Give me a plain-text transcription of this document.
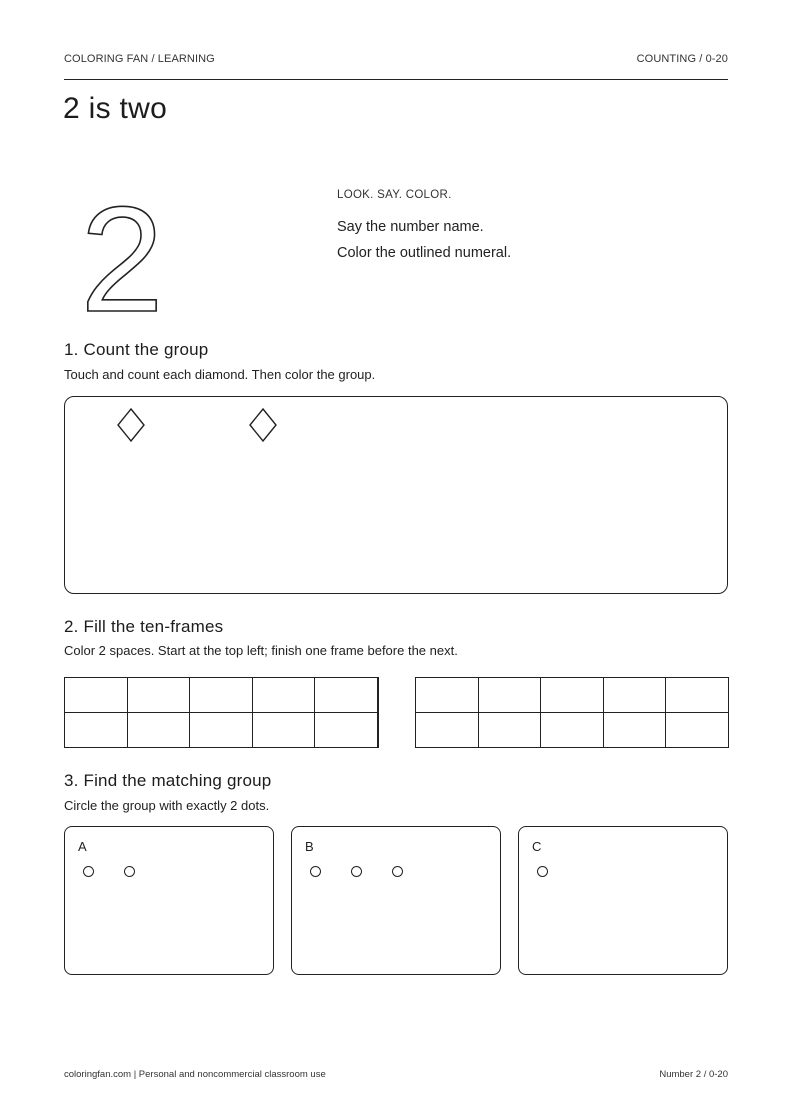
COLORING FAN / LEARNING	COUNTING / 0-20
2 is two
2	LOOK. SAY. COLOR.
Say the number name.
Color the outlined numeral.
1. Count the group
Touch and count each diamond. Then color the group.
2. Fill the ten-frames
Color 2 spaces. Start at the top left; finish one frame before the next.

3. Find the matching group
Circle the group with exactly 2 dots.
A	B	C
coloringfan.com | Personal and noncommercial classroom use	Number 2 / 0-20
